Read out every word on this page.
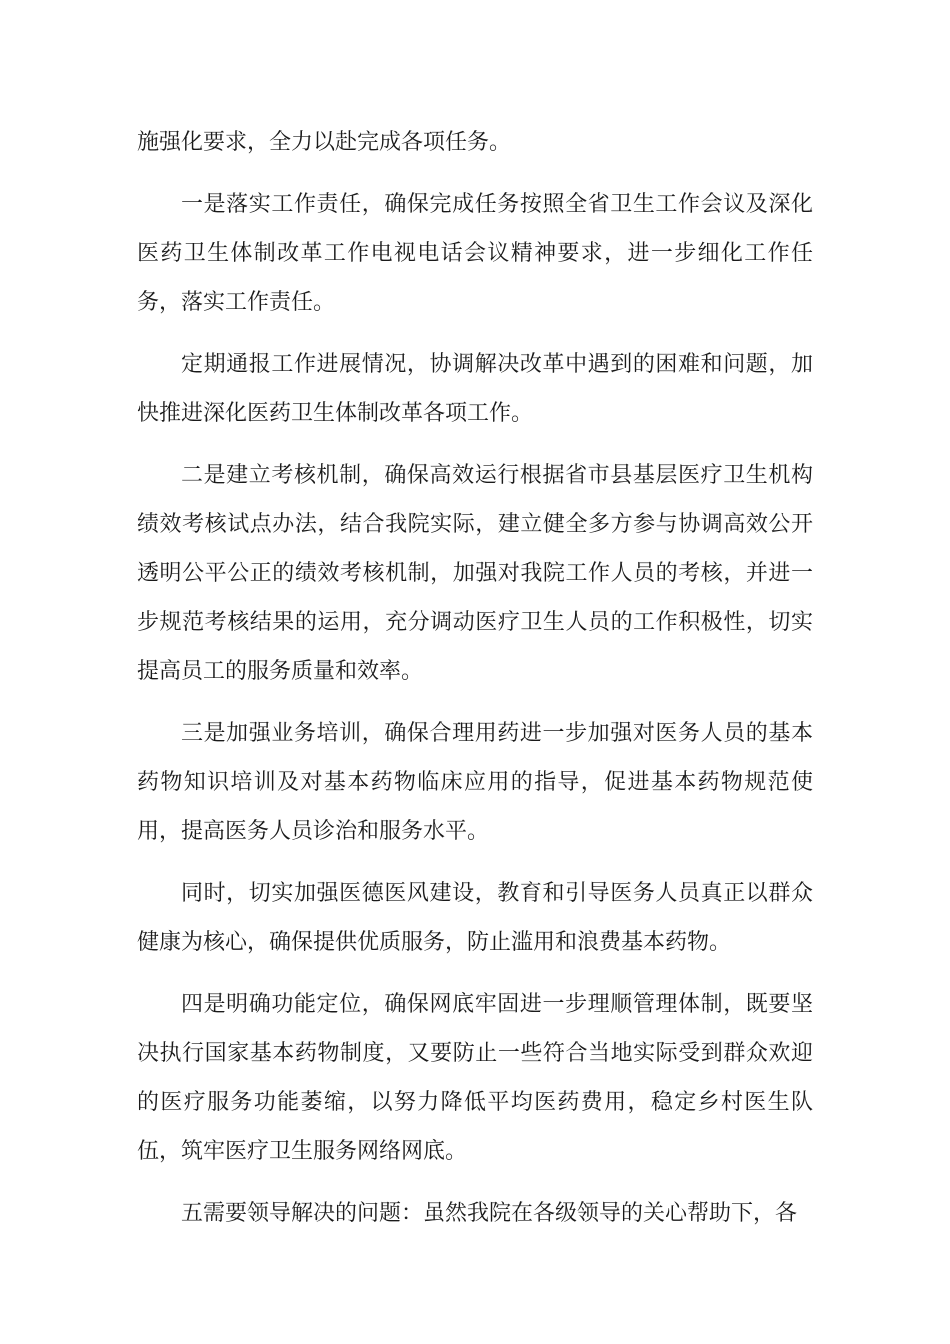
施强化要求，全力以赴完成各项任务。

一是落实工作责任，确保完成任务按照全省卫生工作会议及深化医药卫生体制改革工作电视电话会议精神要求，进一步细化工作任务，落实工作责任。

定期通报工作进展情况，协调解决改革中遇到的困难和问题，加快推进深化医药卫生体制改革各项工作。

二是建立考核机制，确保高效运行根据省市县基层医疗卫生机构绩效考核试点办法，结合我院实际，建立健全多方参与协调高效公开透明公平公正的绩效考核机制，加强对我院工作人员的考核，并进一步规范考核结果的运用，充分调动医疗卫生人员的工作积极性，切实提高员工的服务质量和效率。

三是加强业务培训，确保合理用药进一步加强对医务人员的基本药物知识培训及对基本药物临床应用的指导，促进基本药物规范使用，提高医务人员诊治和服务水平。

同时，切实加强医德医风建设，教育和引导医务人员真正以群众健康为核心，确保提供优质服务，防止滥用和浪费基本药物。

四是明确功能定位，确保网底牢固进一步理顺管理体制，既要坚决执行国家基本药物制度，又要防止一些符合当地实际受到群众欢迎的医疗服务功能萎缩，以努力降低平均医药费用，稳定乡村医生队伍，筑牢医疗卫生服务网络网底。

五需要领导解决的问题：虽然我院在各级领导的关心帮助下，各
